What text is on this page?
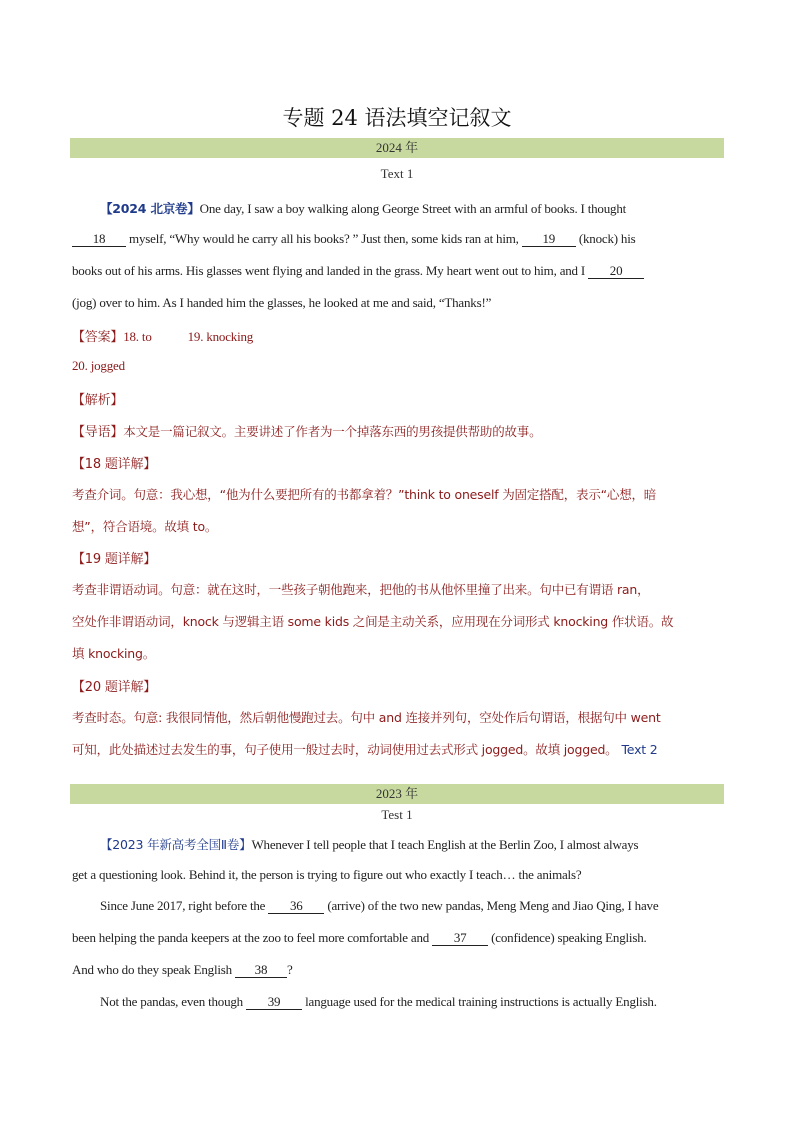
专题 24 语法填空记叙文
2024 年
Text 1
【2024 北京卷】One day, I saw a boy walking along George Street with an armful of books. I thought
18 myself, “Why would he carry all his books? ” Just then, some kids ran at him, 19 (knock) his
books out of his arms. His glasses went flying and landed in the grass. My heart went out to him, and I 20
(jog) over to him. As I handed him the glasses, he looked at me and said, “Thanks!”
【答案】18. to	19. knocking
20. jogged
【解析】
【导语】本文是一篇记叙文。主要讲述了作者为一个掉落东西的男孩提供帮助的故事。
【18 题详解】
考查介词。句意：我心想，“他为什么要把所有的书都拿着？”think to oneself 为固定搭配，表示“心想，暗
想”，符合语境。故填 to。
【19 题详解】
考查非谓语动词。句意：就在这时，一些孩子朝他跑来，把他的书从他怀里撞了出来。句中已有谓语 ran，
空处作非谓语动词，knock 与逻辑主语 some kids 之间是主动关系，应用现在分词形式 knocking 作状语。故
填 knocking。
【20 题详解】
考查时态。句意: 我很同情他，然后朝他慢跑过去。句中 and 连接并列句，空处作后句谓语，根据句中 went
可知，此处描述过去发生的事，句子使用一般过去时，动词使用过去式形式 jogged。故填 jogged。 Text 2
2023 年
Test 1
【2023 年新高考全国Ⅱ卷】Whenever I tell people that I teach English at the Berlin Zoo, I almost always
get a questioning look. Behind it, the person is trying to figure out who exactly I teach… the animals?
Since June 2017, right before the 36 (arrive) of the two new pandas, Meng Meng and Jiao Qing, I have
been helping the panda keepers at the zoo to feel more comfortable and 37 (confidence) speaking English.
And who do they speak English 38 ?
Not the pandas, even though 39 language used for the medical training instructions is actually English.
